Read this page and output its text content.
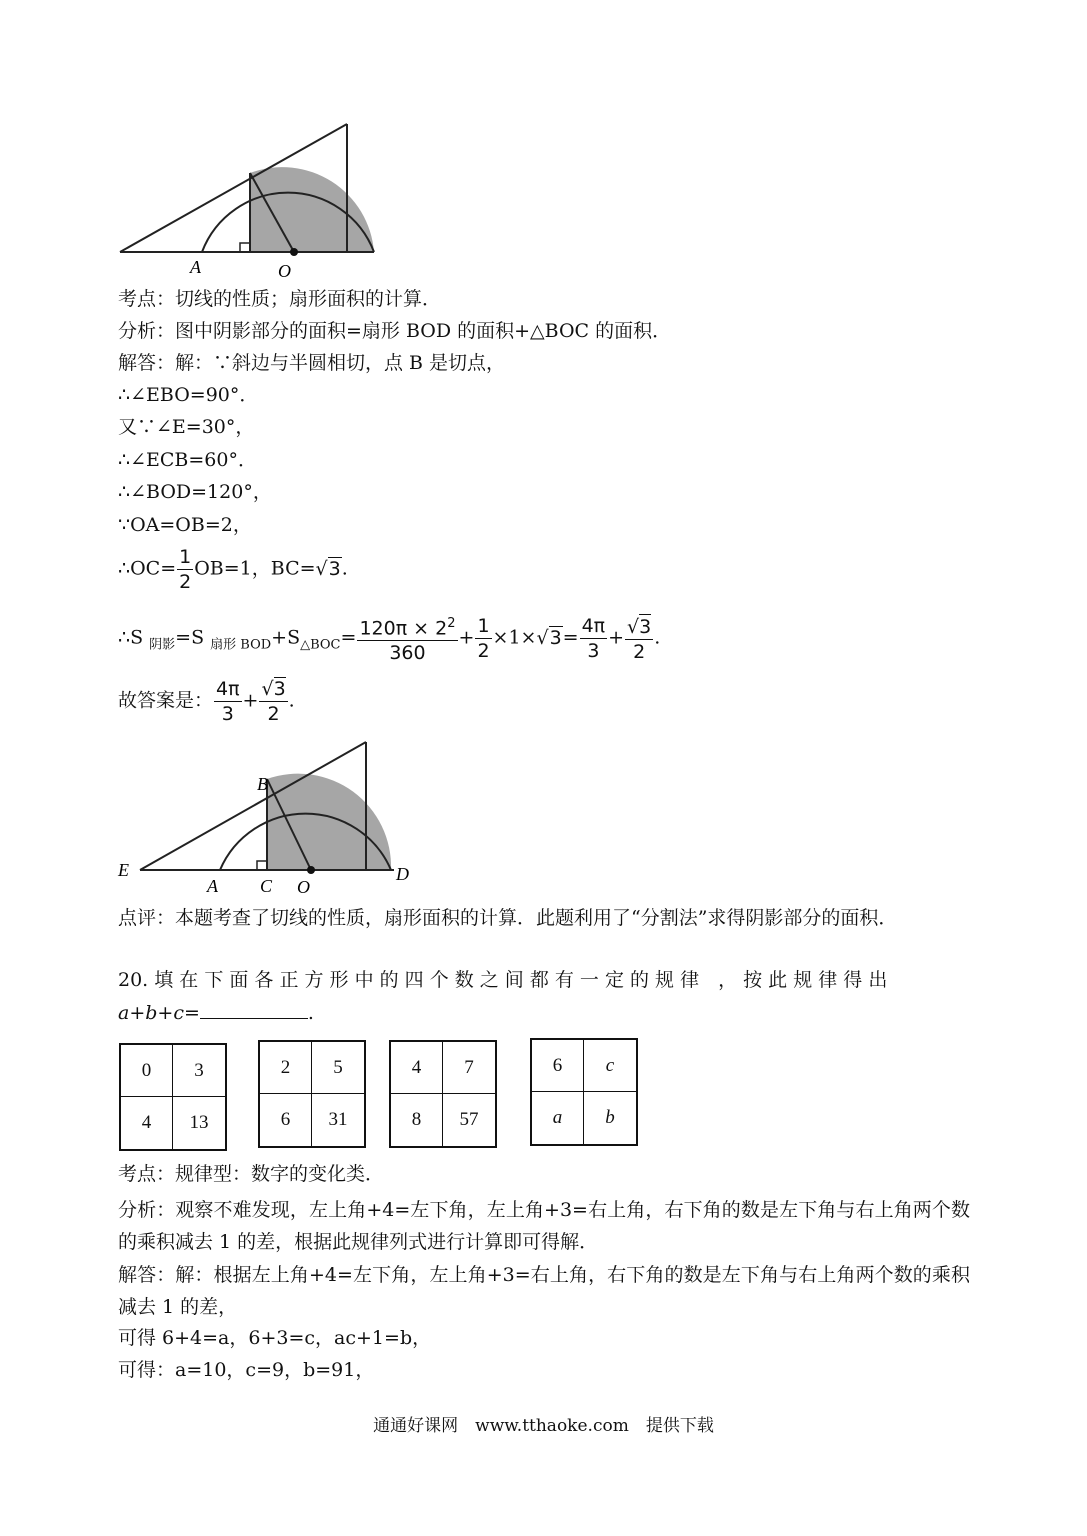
A	O
考点：切线的性质；扇形面积的计算．
分析：图中阴影部分的面积=扇形 BOD 的面积+△BOC 的面积．
解答：解：∵斜边与半圆相切，点 B 是切点，
∴∠EBO=90°．
又∵∠E=30°，
∴∠ECB=60°．
∴∠BOD=120°，
∵OA=OB=2，
∴OC= $\frac{1}{2} OB=1$，BC=√3.
∴S $_{阴影}$=S $_{扇形 BOD}+S_{\triangle BOC}= \frac{120\pi \times 2^2}{360} + \frac{1}{2} \times 1\times√3= \frac{4\pi}{3} + \frac{√3}{2}$ .
故答案是： $\frac{4\pi}{3} + \frac{√3}{2}$ .
E
A
B
C O
D
点评：本题考查了切线的性质，扇形面积的计算．此题利用了“分割法”求得阴影部分的面积．
20. 填 在 下 面 各 正 方 形 中 的 四 个 数 之 间 都 有 一 定 的 规 律　， 按 此 规 律 得 出
a+b+c=	.
0	3
4	13
2	5
6	31
4	7
8	57
6	c
a	b
考点：规律型：数字的变化类．
分析：观察不难发现，左上角+4=左下角，左上角+3=右上角，右下角的数是左下角与右上角两个数的乘积减去 1 的差，根据此规律列式进行计算即可得解．
解答：解：根据左上角+4=左下角，左上角+3=右上角，右下角的数是左下角与右上角两个数的乘积减去 1 的差，
可得 6+4=a，6+3=c，ac+1=b，
可得：a=10，c=9，b=91，
通通好课网　www.tthaoke.com　提供下载
